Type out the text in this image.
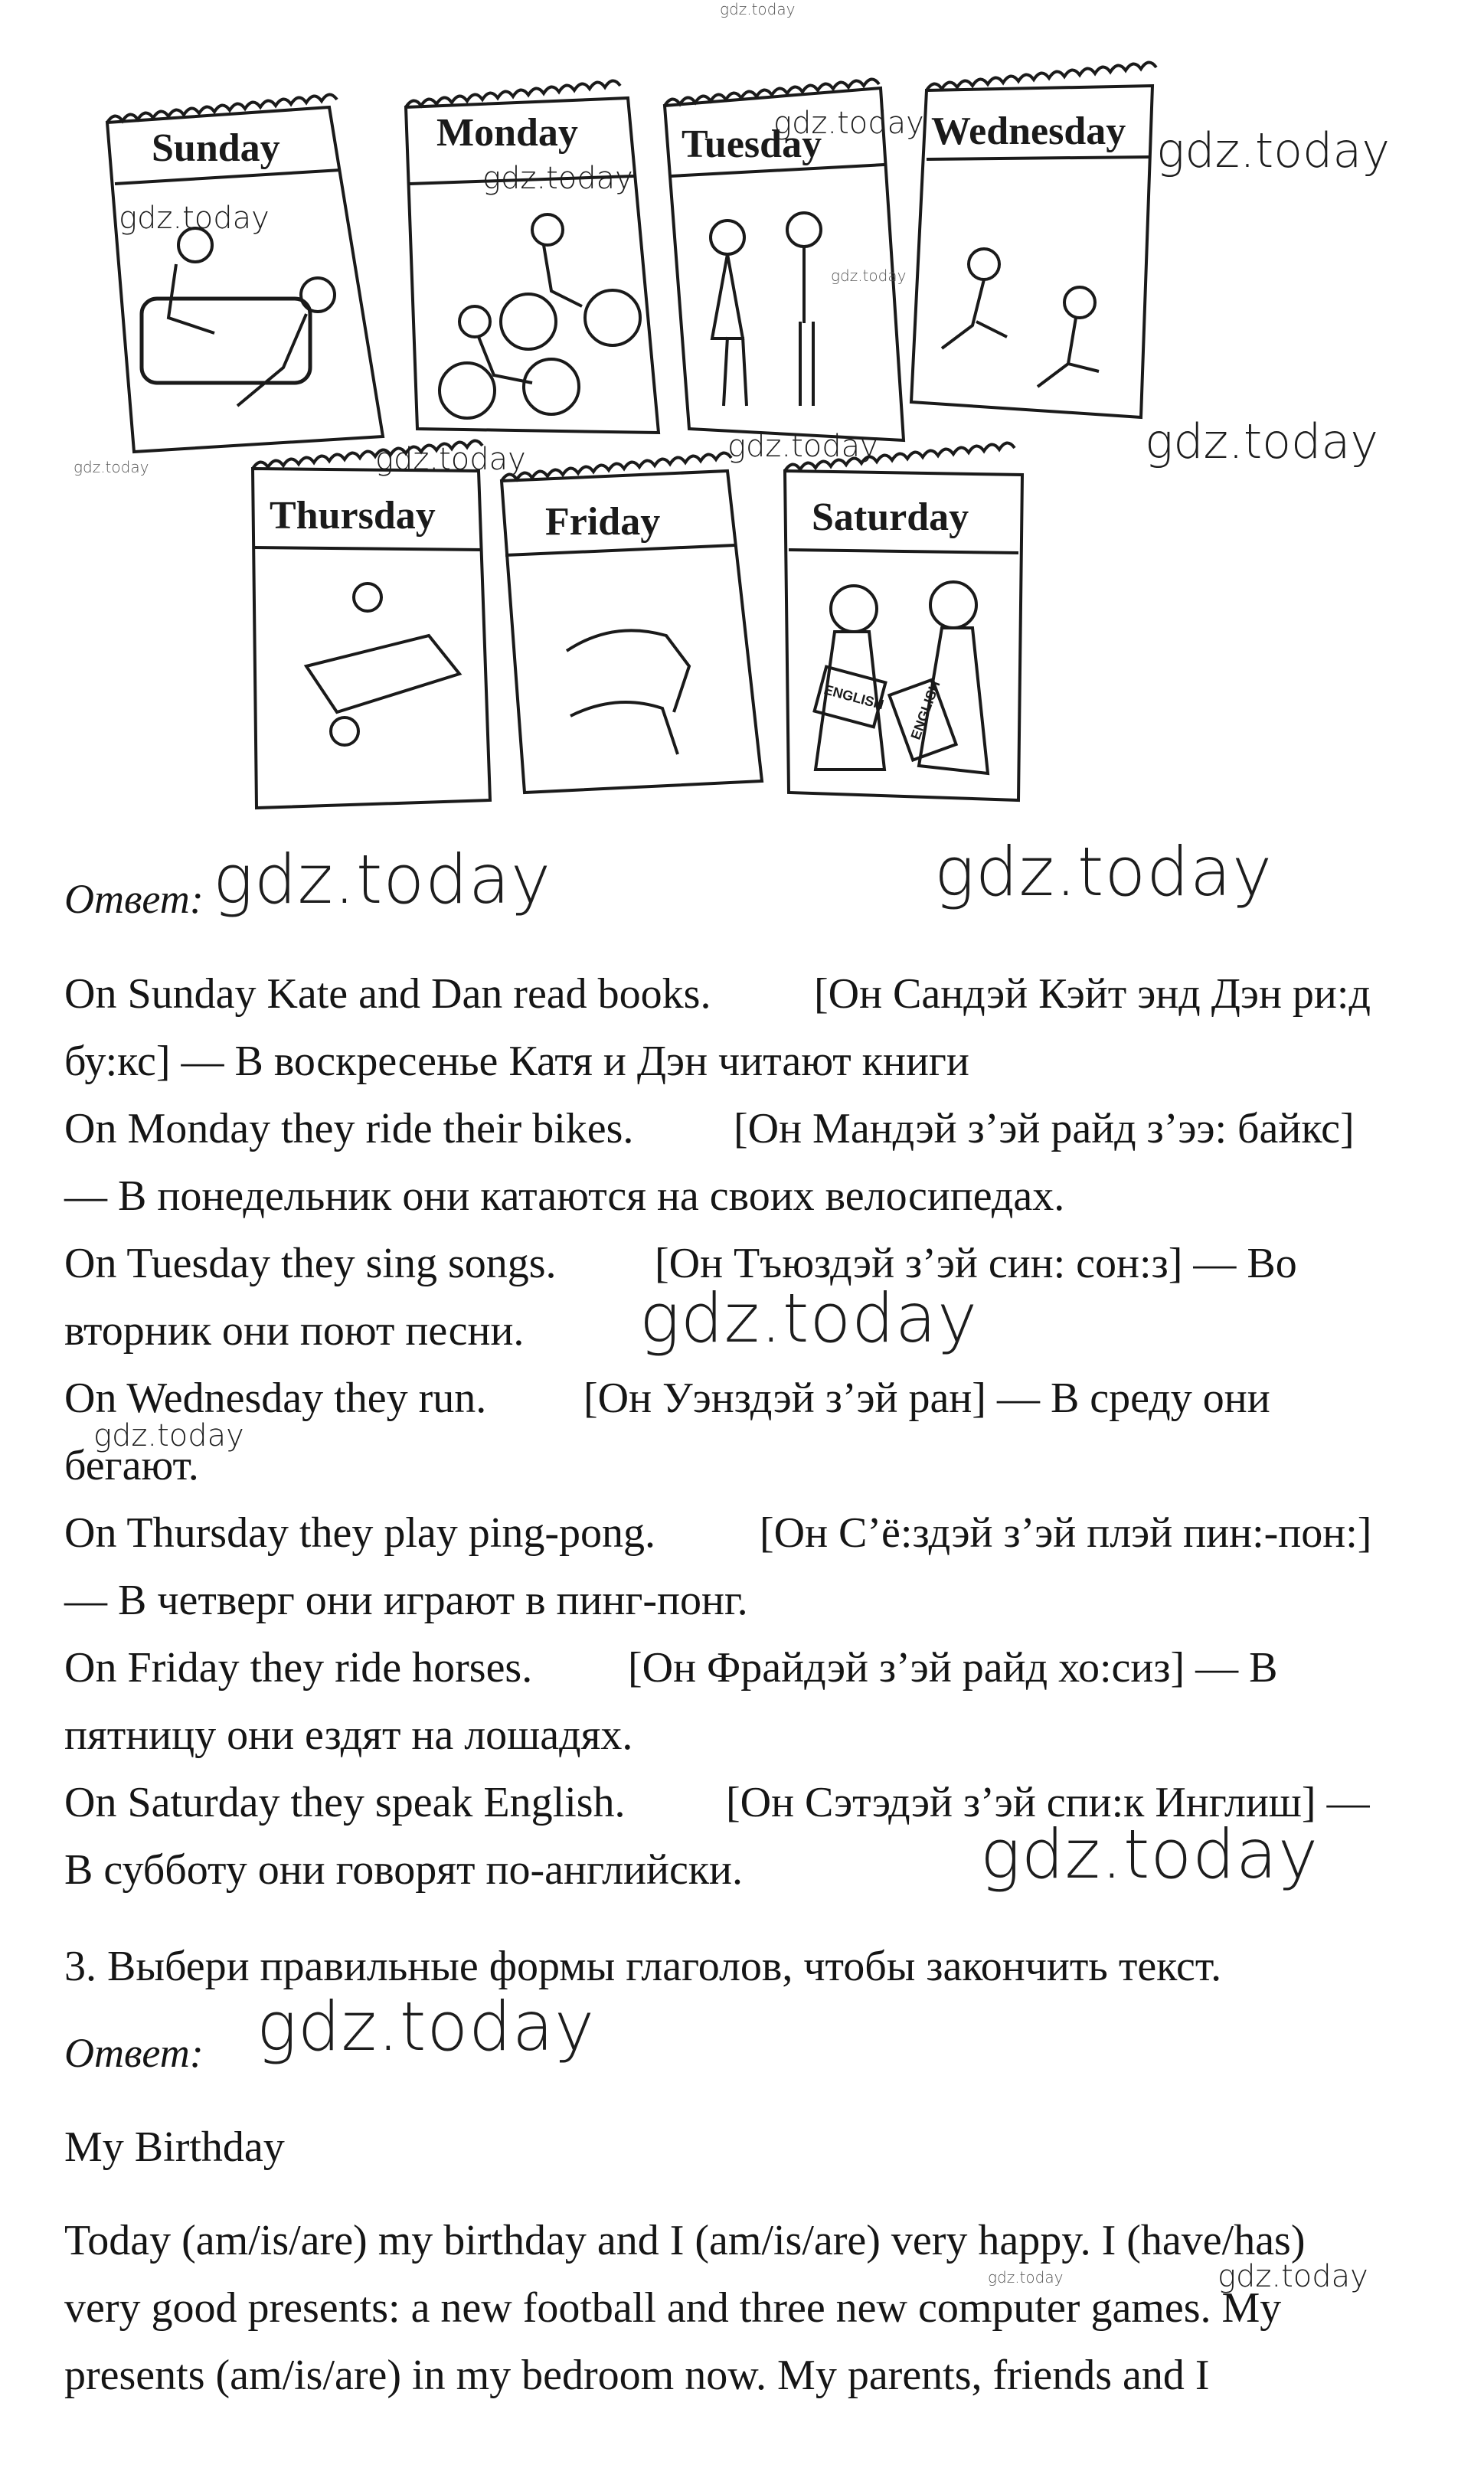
Sunday	Monday	Tuesday	Wednesday
Thursday	Friday	Saturday
ENGLISH ENGLISH
gdz.today
gdz.today
gdz.today
gdz.today
gdz.today
gdz.today
gdz.today
gdz.today
gdz.today
gdz.today
gdz.today	gdz.today
gdz.today
gdz.today
gdz.today
gdz.today
gdz.today	gdz.today
Ответ:
On Sunday Kate and Dan read books. [Он Сандэй Кэйт энд Дэн ри:д
бу:кс] — В воскресенье Катя и Дэн читают книги
On Monday they ride their bikes. [Он Мандэй з’эй райд з’ээ: байкс]
— В понедельник они катаются на своих велосипедах.
On Tuesday they sing songs. [Он Тъюздэй з’эй син: сон:з] — Во
вторник они поют песни.
On Wednesday they run. [Он Уэнздэй з’эй ран] — В среду они
бегают.
On Thursday they play ping-pong. [Он С’ё:здэй з’эй плэй пин:-пон:]
— В четверг они играют в пинг-понг.
On Friday they ride horses. [Он Фрайдэй з’эй райд хо:сиз] — В
пятницу они ездят на лошадях.
On Saturday they speak English. [Он Сэтэдэй з’эй спи:к Инглиш] —
В субботу они говорят по-английски.
3. Выбери правильные формы глаголов, чтобы закончить текст.
Ответ:
My Birthday
Today (am/is/are) my birthday and I (am/is/are) very happy. I (have/has)
very good presents: a new football and three new computer games. My
presents (am/is/are) in my bedroom now. My parents, friends and I
